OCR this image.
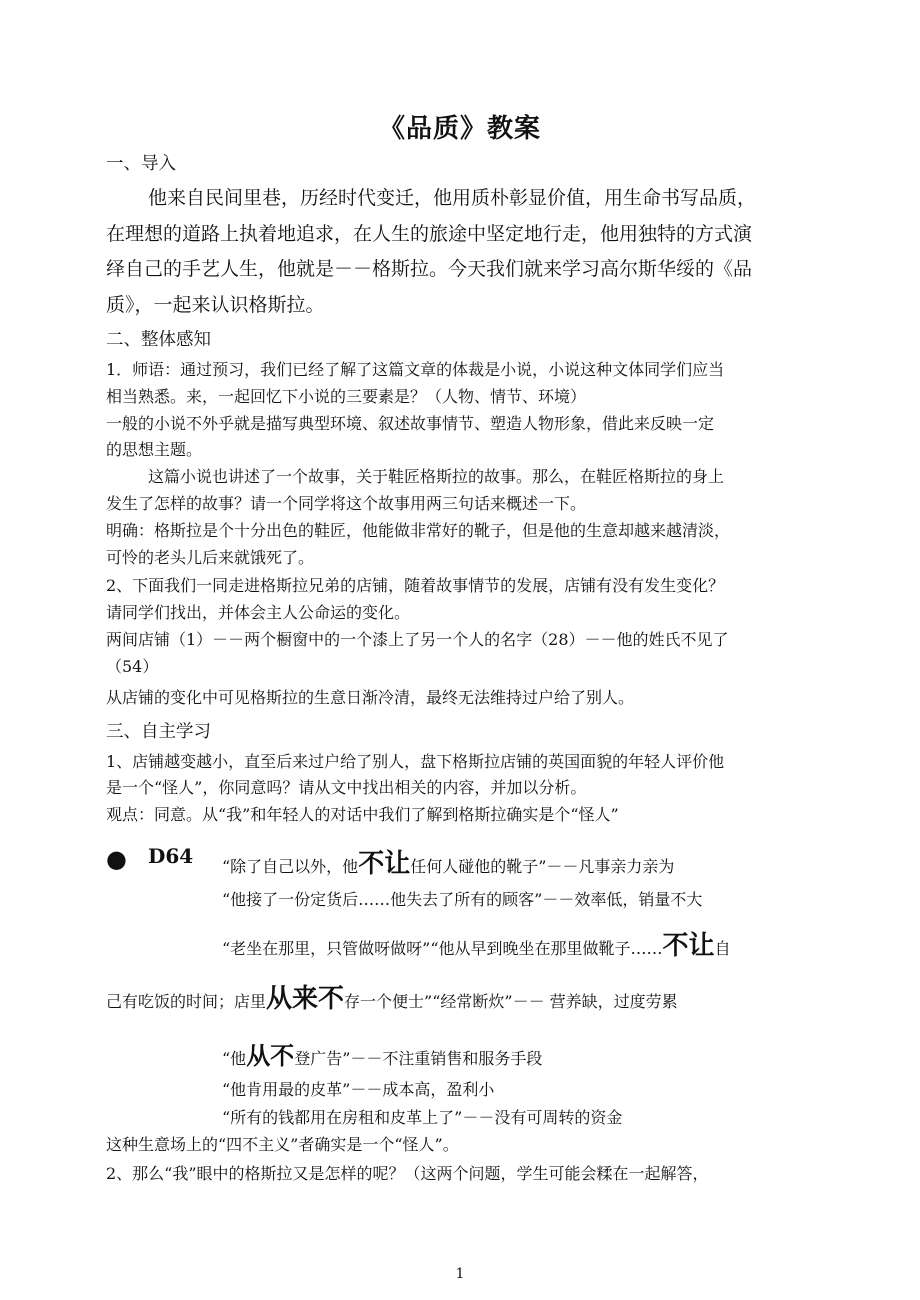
《品质》教案
一、导入
他来自民间里巷，历经时代变迁，他用质朴彰显价值，用生命书写品质，
在理想的道路上执着地追求，在人生的旅途中坚定地行走，他用独特的方式演
绎自己的手艺人生，他就是－－格斯拉。今天我们就来学习高尔斯华绥的《品
质》，一起来认识格斯拉。
二、整体感知
1．师语：通过预习，我们已经了解了这篇文章的体裁是小说，小说这种文体同学们应当
相当熟悉。来，一起回忆下小说的三要素是？（人物、情节、环境）
一般的小说不外乎就是描写典型环境、叙述故事情节、塑造人物形象，借此来反映一定
的思想主题。
这篇小说也讲述了一个故事，关于鞋匠格斯拉的故事。那么，在鞋匠格斯拉的身上
发生了怎样的故事？请一个同学将这个故事用两三句话来概述一下。
明确：格斯拉是个十分出色的鞋匠，他能做非常好的靴子，但是他的生意却越来越清淡，
可怜的老头儿后来就饿死了。
2、下面我们一同走进格斯拉兄弟的店铺，随着故事情节的发展，店铺有没有发生变化？
请同学们找出，并体会主人公命运的变化。
两间店铺（1）－－两个橱窗中的一个漆上了另一个人的名字（28）－－他的姓氏不见了
（54）
从店铺的变化中可见格斯拉的生意日渐冷清，最终无法维持过户给了别人。
三、自主学习
1、店铺越变越小，直至后来过户给了别人，盘下格斯拉店铺的英国面貌的年轻人评价他
是一个“怪人”，你同意吗？请从文中找出相关的内容，并加以分析。
观点：同意。从“我”和年轻人的对话中我们了解到格斯拉确实是个“怪人”
● D64 “除了自己以外，他不让任何人碰他的靴子”－－凡事亲力亲为
“他接了一份定货后……他失去了所有的顾客”－－效率低，销量不大
“老坐在那里，只管做呀做呀”“他从早到晚坐在那里做靴子……不让自
己有吃饭的时间；店里从来不存一个便士”“经常断炊”－－ 营养缺，过度劳累
“他从不登广告”－－不注重销售和服务手段
“他肯用最的皮革”－－成本高，盈利小
“所有的钱都用在房租和皮革上了”－－没有可周转的资金
这种生意场上的“四不主义”者确实是一个“怪人”。
2、那么“我”眼中的格斯拉又是怎样的呢？（这两个问题，学生可能会糅在一起解答，
1
